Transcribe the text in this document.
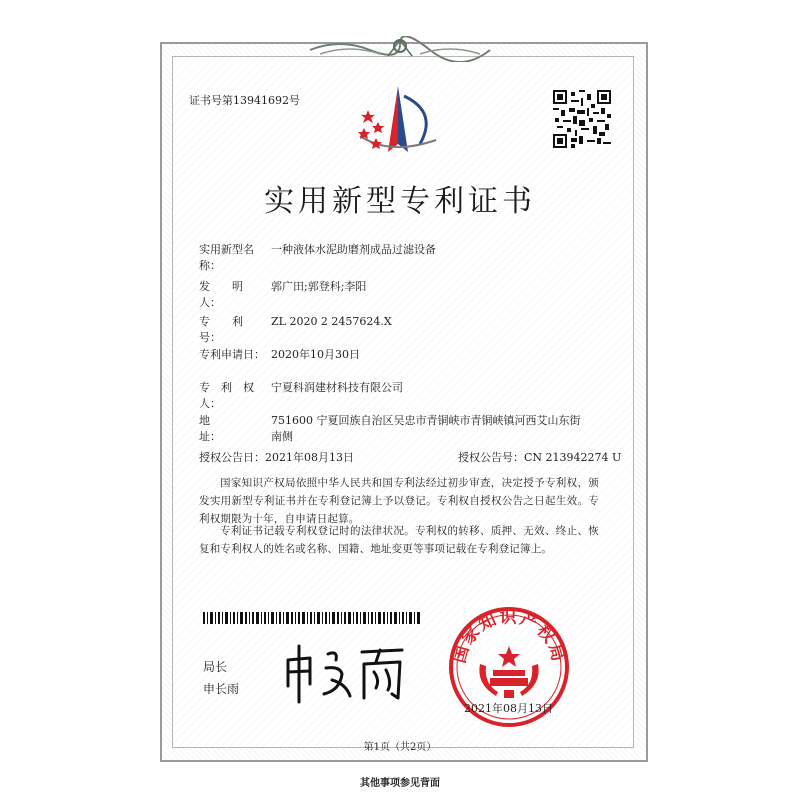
证书号第13941692号
实用新型专利证书
实用新型名称：
一种液体水泥助磨剂成品过滤设备
发　　明　人：
郭广田;郭登科;李阳
专　　利　号：
ZL 2020 2 2457624.X
专利申请日： 2020年10月30日
专　利　权　人：
宁夏科润建材科技有限公司
地　　　　址：
751600 宁夏回族自治区吴忠市青铜峡市青铜峡镇河西艾山东街南侧
授权公告日：2021年08月13日	授权公告号：CN 213942274 U
国家知识产权局依照中华人民共和国专利法经过初步审查，决定授予专利权，颁发实用新型专利证书并在专利登记簿上予以登记。专利权自授权公告之日起生效。专利权期限为十年，自申请日起算。
专利证书记载专利权登记时的法律状况。专利权的转移、质押、无效、终止、恢复和专利权人的姓名或名称、国籍、地址变更等事项记载在专利登记簿上。
局长
申长雨
国家知识产权局
2021年08月13日
第1页（共2页）
其他事项参见背面
